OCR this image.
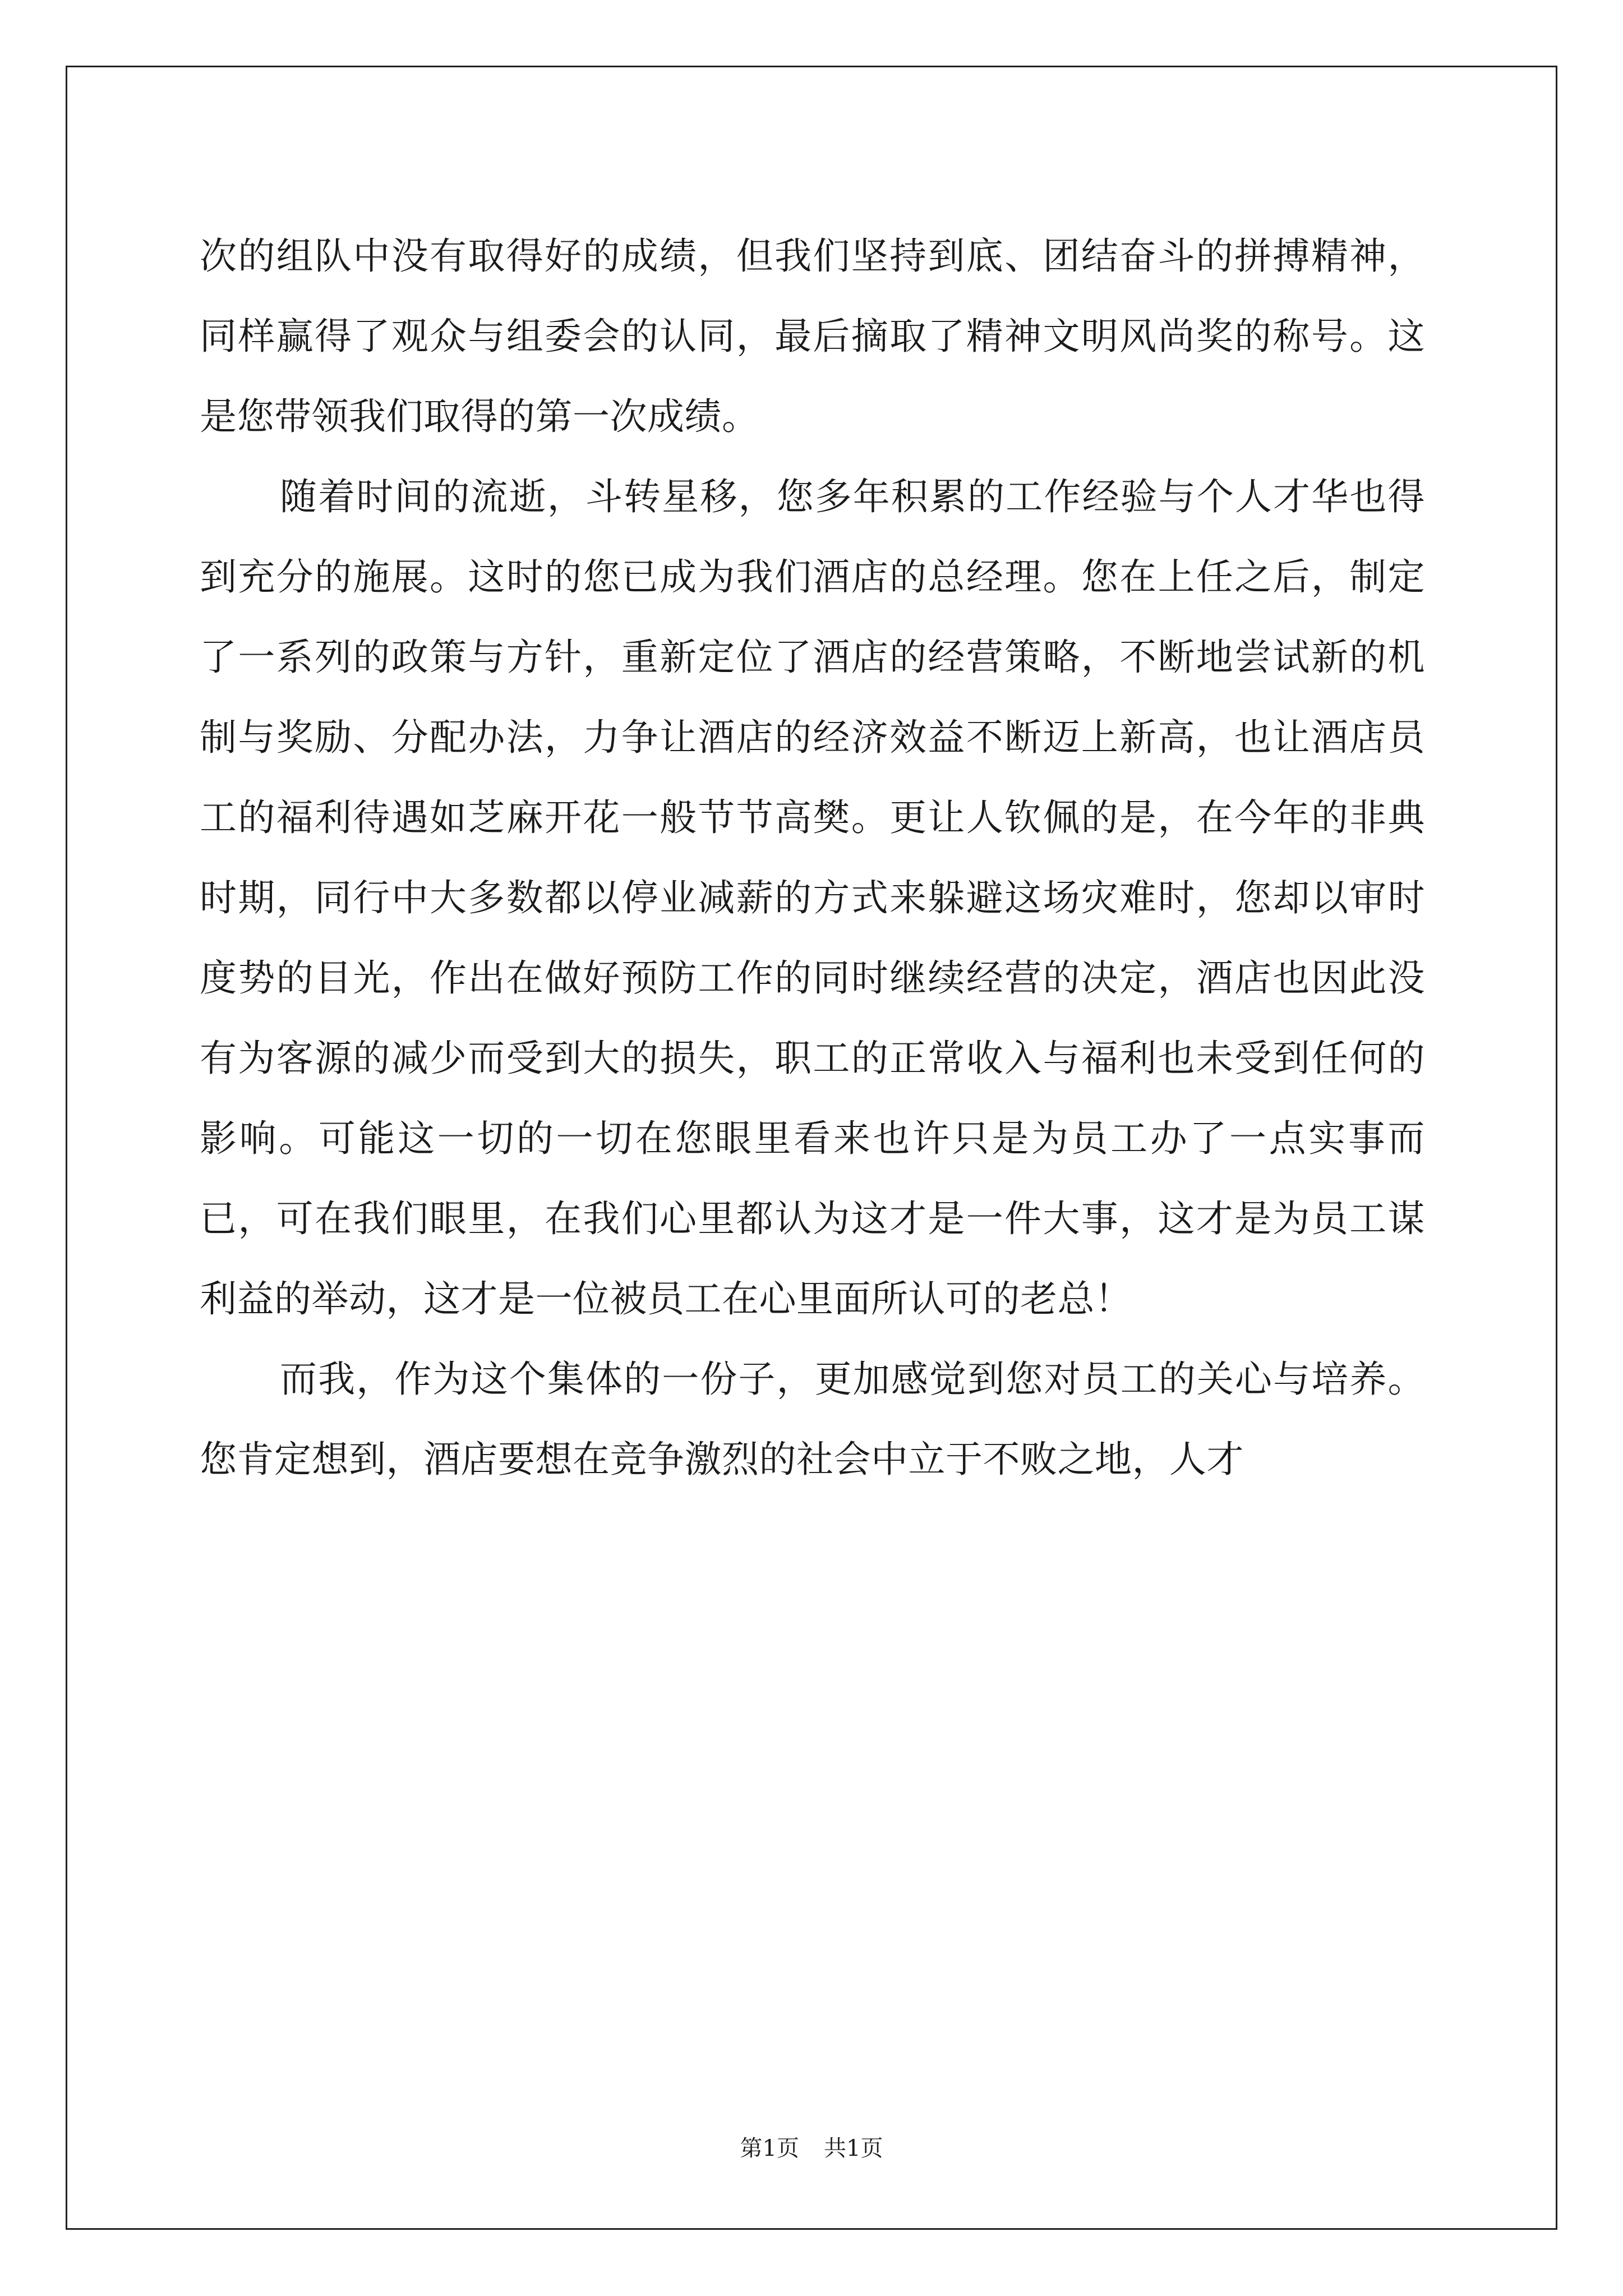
次的组队中没有取得好的成绩，但我们坚持到底、团结奋斗的拼搏精神，同样赢得了观众与组委会的认同，最后摘取了精神文明风尚奖的称号。这是您带领我们取得的第一次成绩。

随着时间的流逝，斗转星移，您多年积累的工作经验与个人才华也得到充分的施展。这时的您已成为我们酒店的总经理。您在上任之后，制定了一系列的政策与方针，重新定位了酒店的经营策略，不断地尝试新的机制与奖励、分配办法，力争让酒店的经济效益不断迈上新高，也让酒店员工的福利待遇如芝麻开花一般节节高樊。更让人钦佩的是，在今年的非典时期，同行中大多数都以停业减薪的方式来躲避这场灾难时，您却以审时度势的目光，作出在做好预防工作的同时继续经营的决定，酒店也因此没有为客源的减少而受到大的损失，职工的正常收入与福利也未受到任何的影响。可能这一切的一切在您眼里看来也许只是为员工办了一点实事而已，可在我们眼里，在我们心里都认为这才是一件大事，这才是为员工谋利益的举动，这才是一位被员工在心里面所认可的老总！

而我，作为这个集体的一份子，更加感觉到您对员工的关心与培养。您肯定想到，酒店要想在竞争激烈的社会中立于不败之地，人才

第1页 共1页
